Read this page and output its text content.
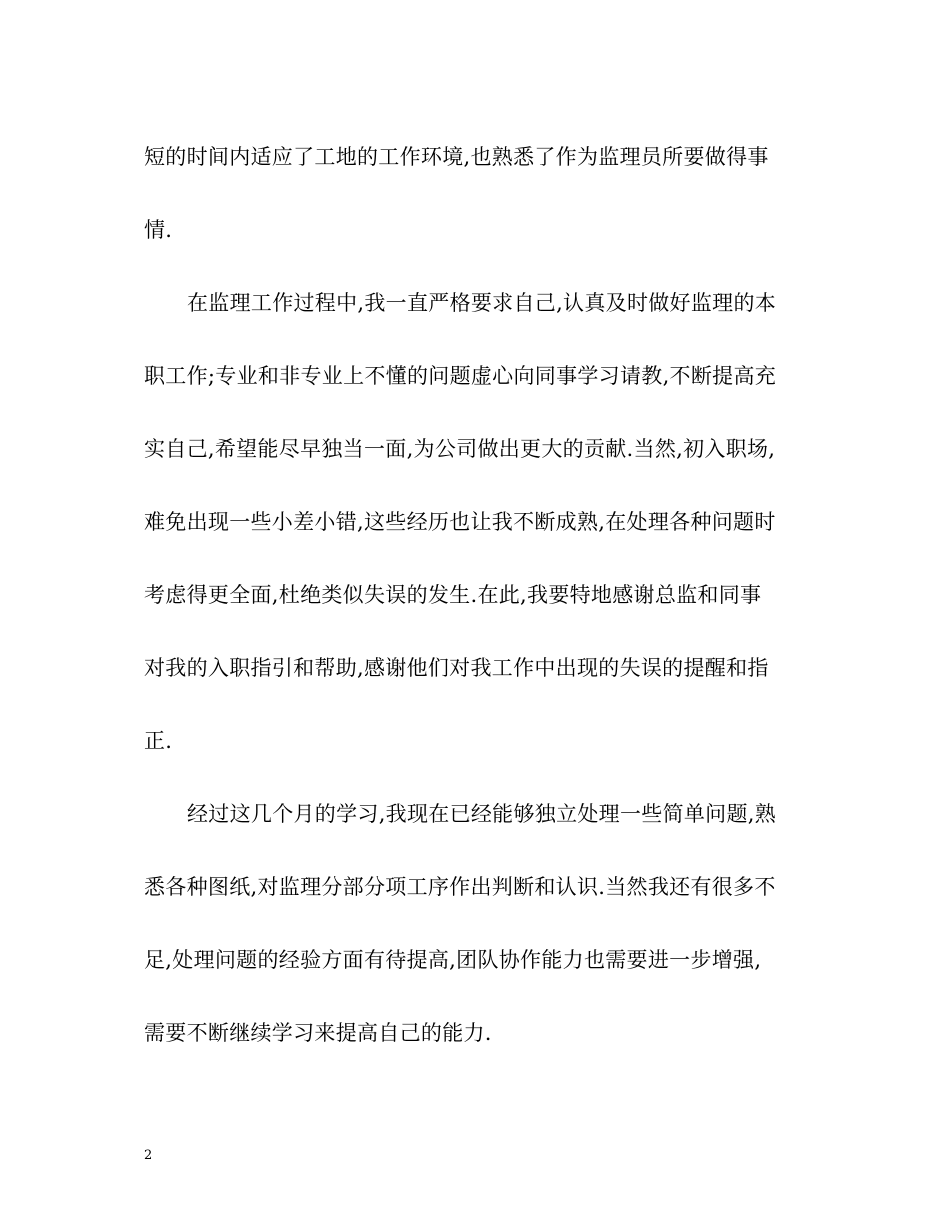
短的时间内适应了工地的工作环境,也熟悉了作为监理员所要做得事
情.
在监理工作过程中,我一直严格要求自己,认真及时做好监理的本
职工作;专业和非专业上不懂的问题虚心向同事学习请教,不断提高充
实自己,希望能尽早独当一面,为公司做出更大的贡献.当然,初入职场,
难免出现一些小差小错,这些经历也让我不断成熟,在处理各种问题时
考虑得更全面,杜绝类似失误的发生.在此,我要特地感谢总监和同事
对我的入职指引和帮助,感谢他们对我工作中出现的失误的提醒和指
正.
经过这几个月的学习,我现在已经能够独立处理一些简单问题,熟
悉各种图纸,对监理分部分项工序作出判断和认识.当然我还有很多不
足,处理问题的经验方面有待提高,团队协作能力也需要进一步增强,
需要不断继续学习来提高自己的能力.
2
